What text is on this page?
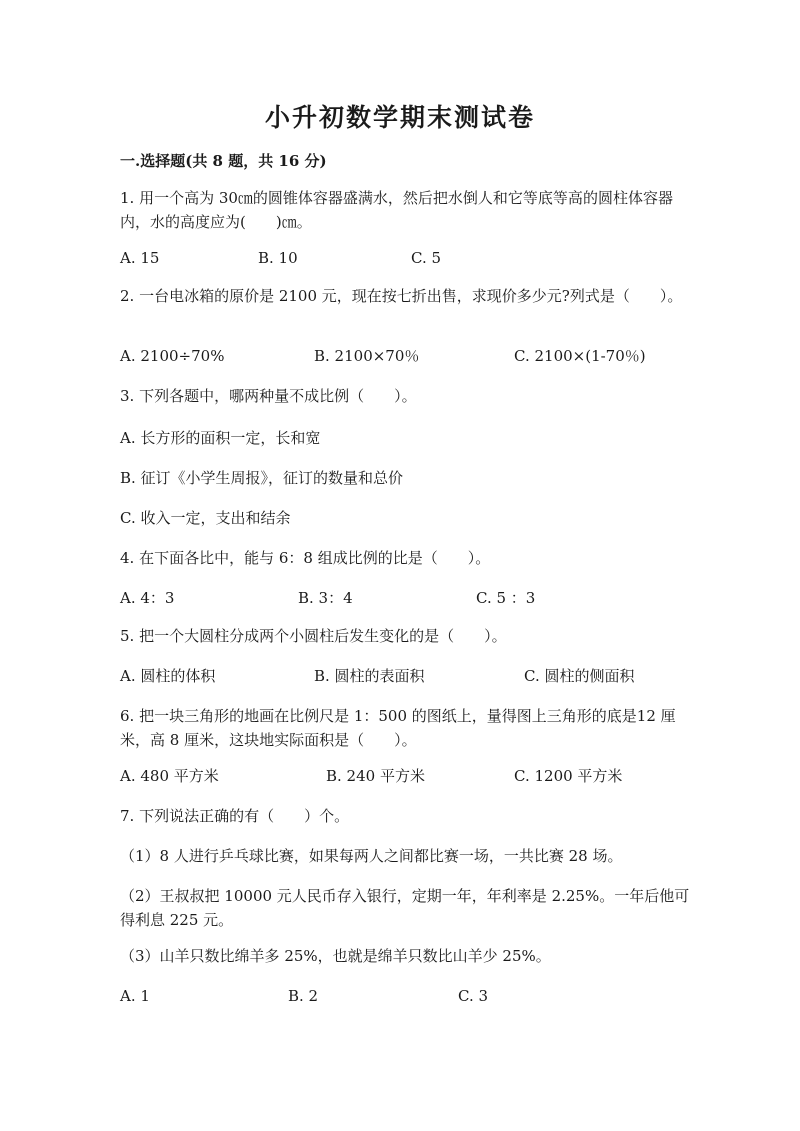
小升初数学期末测试卷
一.选择题(共 8 题，共 16 分)
1. 用一个高为 30㎝的圆锥体容器盛满水，然后把水倒人和它等底等高的圆柱体容器内，水的高度应为(　　)㎝。
A. 15	B. 10	C. 5
2. 一台电冰箱的原价是 2100 元，现在按七折出售，求现价多少元?列式是（　　）。
A. 2100÷70%	B. 2100×70％	C. 2100×(1-70％)
3. 下列各题中，哪两种量不成比例（　　）。
A. 长方形的面积一定，长和宽
B. 征订《小学生周报》，征订的数量和总价
C. 收入一定，支出和结余
4. 在下面各比中，能与 6：8 组成比例的比是（　　）。
A. 4：3	B. 3：4	C. 5 ：3
5. 把一个大圆柱分成两个小圆柱后发生变化的是（　　）。
A. 圆柱的体积	B. 圆柱的表面积	C. 圆柱的侧面积
6. 把一块三角形的地画在比例尺是 1：500 的图纸上，量得图上三角形的底是12 厘米，高 8 厘米，这块地实际面积是（　　）。
A. 480 平方米	B. 240 平方米	C. 1200 平方米
7. 下列说法正确的有（　　）个。
（1）8 人进行乒乓球比赛，如果每两人之间都比赛一场，一共比赛 28 场。
（2）王叔叔把 10000 元人民币存入银行，定期一年，年利率是 2.25%。一年后他可得利息 225 元。
（3）山羊只数比绵羊多 25%，也就是绵羊只数比山羊少 25%。
A. 1	B. 2	C. 3
